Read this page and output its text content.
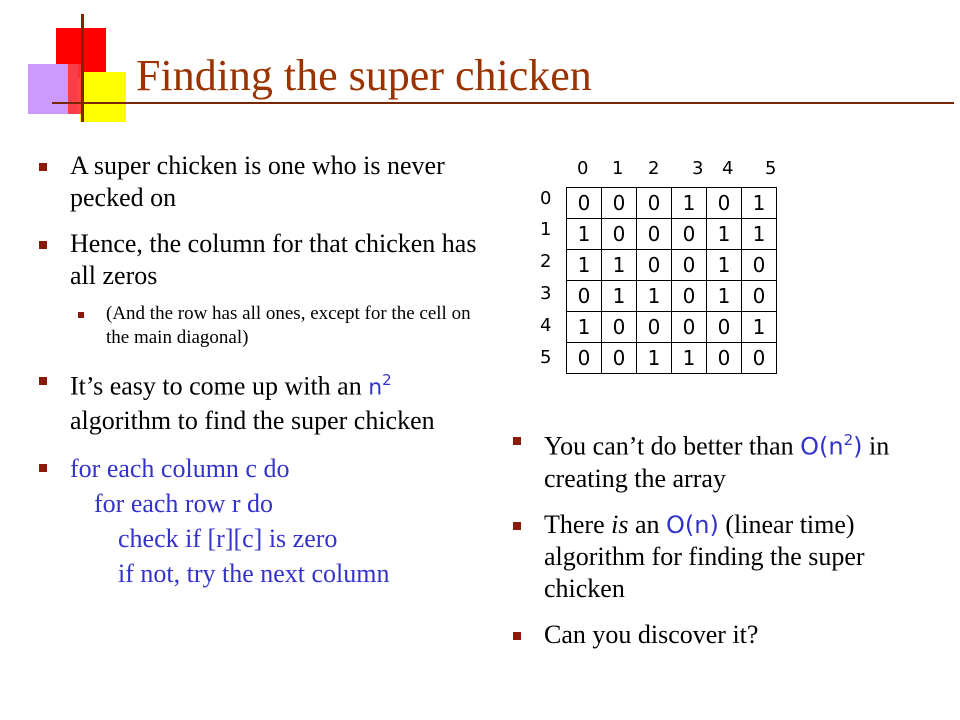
Finding the super chicken
A super chicken is one who is never pecked on
Hence, the column for that chicken has all zeros
(And the row has all ones, except for the cell on the main diagonal)
It’s easy to come up with an $n^2$ algorithm to find the super chicken
for each column c do
for each row r do
check if [r][c] is zero
if not, try the next column
0 1 2 3 4 5
0
1
2
3
4
5
0	0	0	1	0	1
1	0	0	0	1	1
1	1	0	0	1	0
0	1	1	0	1	0
1	0	0	0	0	1
0	0	1	1	0	0
You can’t do better than $O(n^2)$ in creating the array
There is an O(n) (linear time) algorithm for finding the super chicken
Can you discover it?
